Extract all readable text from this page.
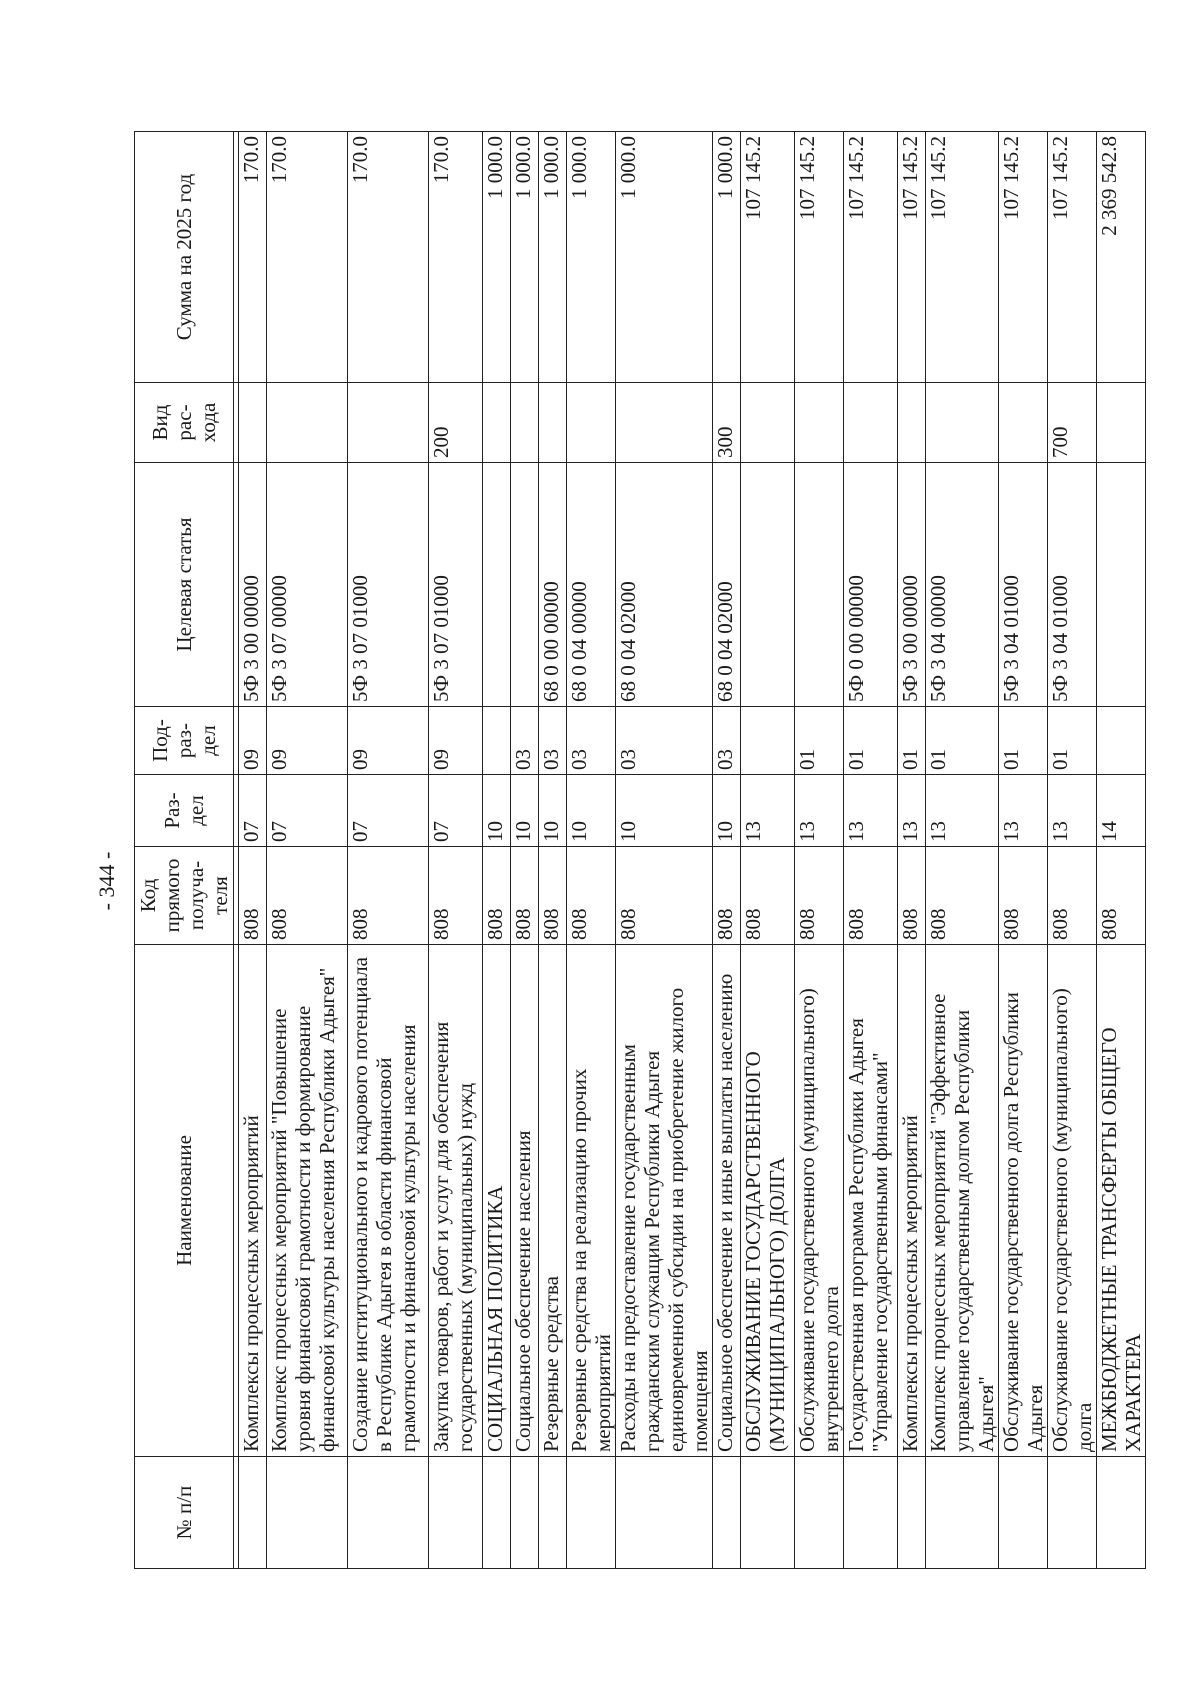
- 344 -
№ п/п	Наименование	Код прямого получа-теля	Раз-дел	Под-раз-дел	Целевая статья	Вид рас-хода	Сумма на 2025 год

	Комплексы процессных мероприятий	808	07	09	5Ф 3 00 00000		170.0
	Комплекс процессных мероприятий "Повышение уровня финансовой грамотности и формирование финансовой культуры населения Республики Адыгея"	808	07	09	5Ф 3 07 00000		170.0
	Создание институционального и кадрового потенциала в Республике Адыгея в области финансовой грамотности и финансовой культуры населения	808	07	09	5Ф 3 07 01000		170.0
	Закупка товаров, работ и услуг для обеспечения государственных (муниципальных) нужд	808	07	09	5Ф 3 07 01000	200	170.0
	СОЦИАЛЬНАЯ ПОЛИТИКА	808	10				1 000.0
	Социальное обеспечение населения	808	10	03			1 000.0
	Резервные средства	808	10	03	68 0 00 00000		1 000.0
	Резервные средства на реализацию прочих мероприятий	808	10	03	68 0 04 00000		1 000.0
	Расходы на предоставление государственным гражданским служащим Республики Адыгея единовременной субсидии на приобретение жилого помещения	808	10	03	68 0 04 02000		1 000.0
	Социальное обеспечение и иные выплаты населению	808	10	03	68 0 04 02000	300	1 000.0
	ОБСЛУЖИВАНИЕ ГОСУДАРСТВЕННОГО (МУНИЦИПАЛЬНОГО) ДОЛГА	808	13				107 145.2
	Обслуживание государственного (муниципального) внутреннего долга	808	13	01			107 145.2
	Государственная программа Республики Адыгея "Управление государственными финансами"	808	13	01	5Ф 0 00 00000		107 145.2
	Комплексы процессных мероприятий	808	13	01	5Ф 3 00 00000		107 145.2
	Комплекс процессных мероприятий "Эффективное управление государственным долгом Республики Адыгея"	808	13	01	5Ф 3 04 00000		107 145.2
	Обслуживание государственного долга Республики Адыгея	808	13	01	5Ф 3 04 01000		107 145.2
	Обслуживание государственного (муниципального) долга	808	13	01	5Ф 3 04 01000	700	107 145.2
	МЕЖБЮДЖЕТНЫЕ ТРАНСФЕРТЫ ОБЩЕГО ХАРАКТЕРА	808	14				2 369 542.8
